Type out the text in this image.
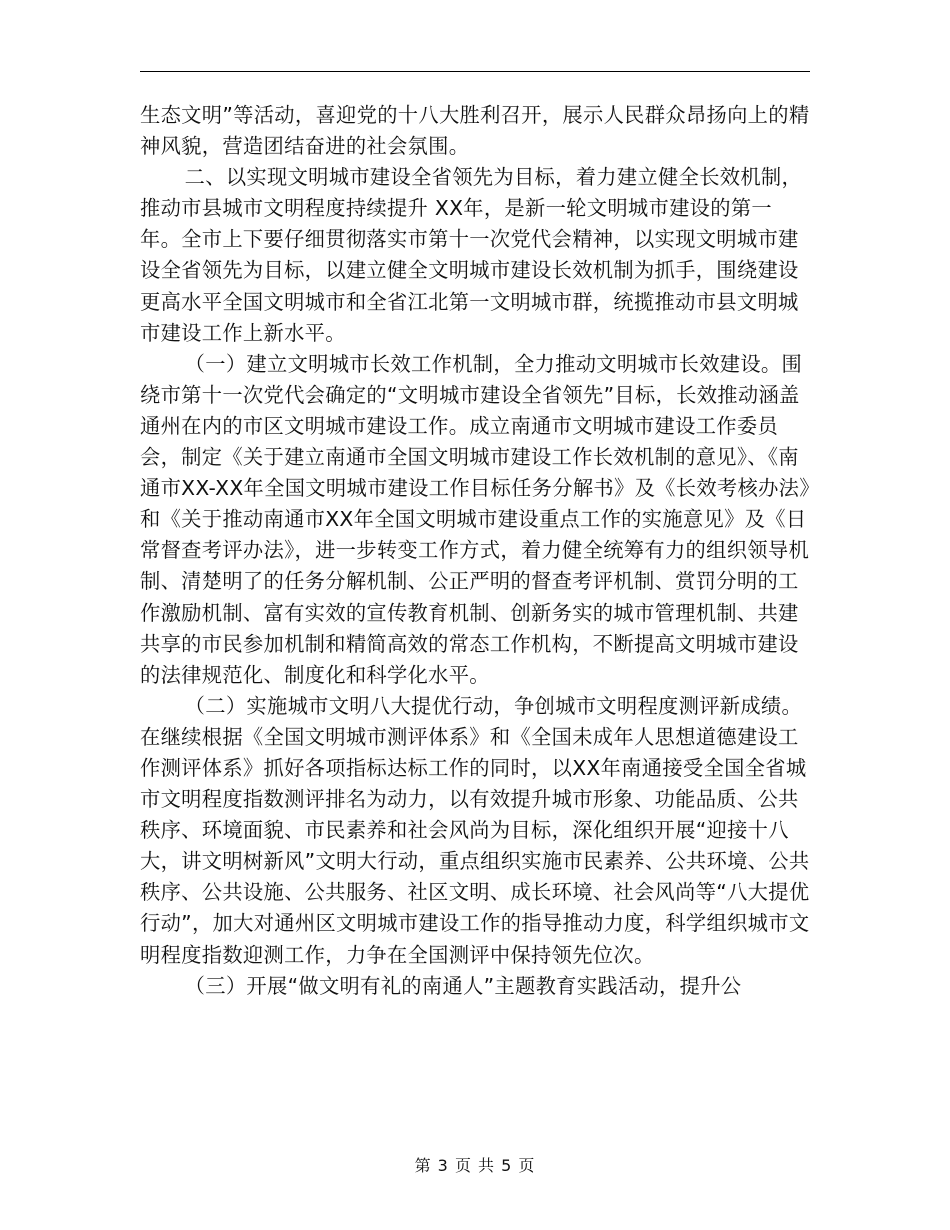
生态文明”等活动，喜迎党的十八大胜利召开，展示人民群众昂扬向上的精神风貌，营造团结奋进的社会氛围。

二、以实现文明城市建设全省领先为目标，着力建立健全长效机制，推动市县城市文明程度持续提升 XX年，是新一轮文明城市建设的第一年。全市上下要仔细贯彻落实市第十一次党代会精神，以实现文明城市建设全省领先为目标，以建立健全文明城市建设长效机制为抓手，围绕建设更高水平全国文明城市和全省江北第一文明城市群，统揽推动市县文明城市建设工作上新水平。

（一）建立文明城市长效工作机制，全力推动文明城市长效建设。围绕市第十一次党代会确定的“文明城市建设全省领先”目标，长效推动涵盖通州在内的市区文明城市建设工作。成立南通市文明城市建设工作委员会，制定《关于建立南通市全国文明城市建设工作长效机制的意见》、《南通市XX-XX年全国文明城市建设工作目标任务分解书》及《长效考核办法》和《关于推动南通市XX年全国文明城市建设重点工作的实施意见》及《日常督查考评办法》，进一步转变工作方式，着力健全统筹有力的组织领导机制、清楚明了的任务分解机制、公正严明的督查考评机制、赏罚分明的工作激励机制、富有实效的宣传教育机制、创新务实的城市管理机制、共建共享的市民参加机制和精简高效的常态工作机构，不断提高文明城市建设的法律规范化、制度化和科学化水平。

（二）实施城市文明八大提优行动，争创城市文明程度测评新成绩。在继续根据《全国文明城市测评体系》和《全国未成年人思想道德建设工作测评体系》抓好各项指标达标工作的同时，以XX年南通接受全国全省城市文明程度指数测评排名为动力，以有效提升城市形象、功能品质、公共秩序、环境面貌、市民素养和社会风尚为目标，深化组织开展“迎接十八大，讲文明树新风”文明大行动，重点组织实施市民素养、公共环境、公共秩序、公共设施、公共服务、社区文明、成长环境、社会风尚等“八大提优行动”，加大对通州区文明城市建设工作的指导推动力度，科学组织城市文明程度指数迎测工作，力争在全国测评中保持领先位次。

（三）开展“做文明有礼的南通人”主题教育实践活动，提升公

第 3 页 共 5 页
